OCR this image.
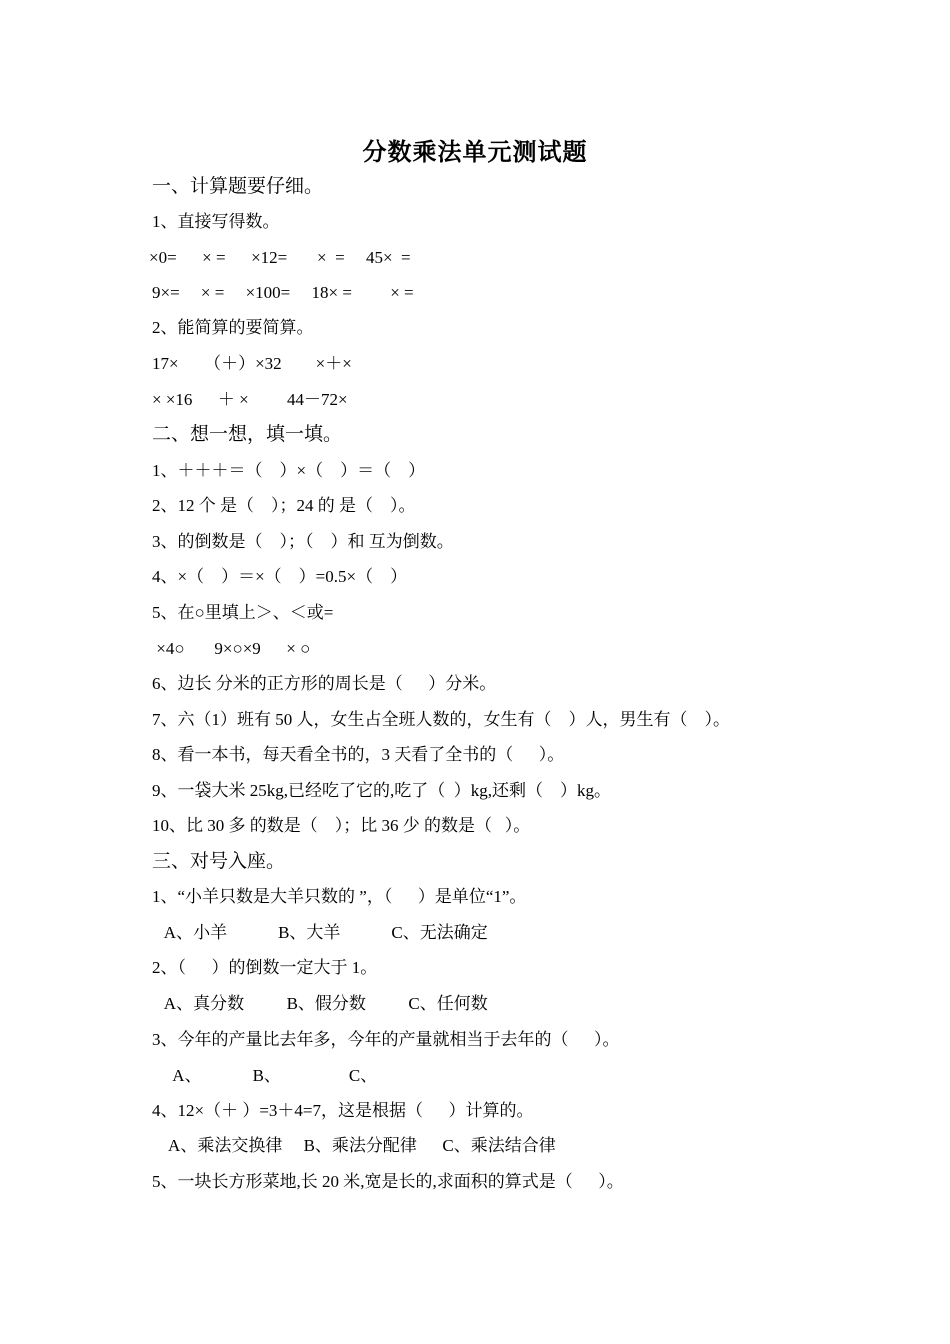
分数乘法单元测试题
一、计算题要仔细。
1、直接写得数。
×0=      × =      ×12=       ×  =     45×  =
9×=     × =     ×100=     18× =         × =
2、能简算的要简算。
17×      （＋）×32        ×＋×
× ×16      ＋ ×         44－72×
二、想一想，填一填。
1、＋＋＋＝（    ）×（    ）＝（    ）
2、12 个 是（    ）；24 的 是（    ）。
3、的倒数是（    ）；（    ）和 互为倒数。
4、×（    ）＝×（    ）=0.5×（    ）
5、在○里填上＞、＜或=
×4○       9×○×9      × ○
6、边长 分米的正方形的周长是（      ）分米。
7、六（1）班有 50 人，女生占全班人数的，女生有（    ）人，男生有（    ）。
8、看一本书，每天看全书的，3 天看了全书的（      ）。
9、一袋大米 25kg,已经吃了它的,吃了（  ）kg,还剩（    ）kg。
10、比 30 多 的数是（    ）；比 36 少 的数是（   ）。
三、对号入座。
1、“小羊只数是大羊只数的 ”，（      ）是单位“1”。
A、小羊            B、大羊            C、无法确定
2、（      ）的倒数一定大于 1。
A、真分数          B、假分数          C、任何数
3、今年的产量比去年多，今年的产量就相当于去年的（      ）。
A、            B、                C、
4、12×（＋ ）=3＋4=7，这是根据（      ）计算的。
A、乘法交换律     B、乘法分配律      C、乘法结合律
5、一块长方形菜地,长 20 米,宽是长的,求面积的算式是（      ）。
